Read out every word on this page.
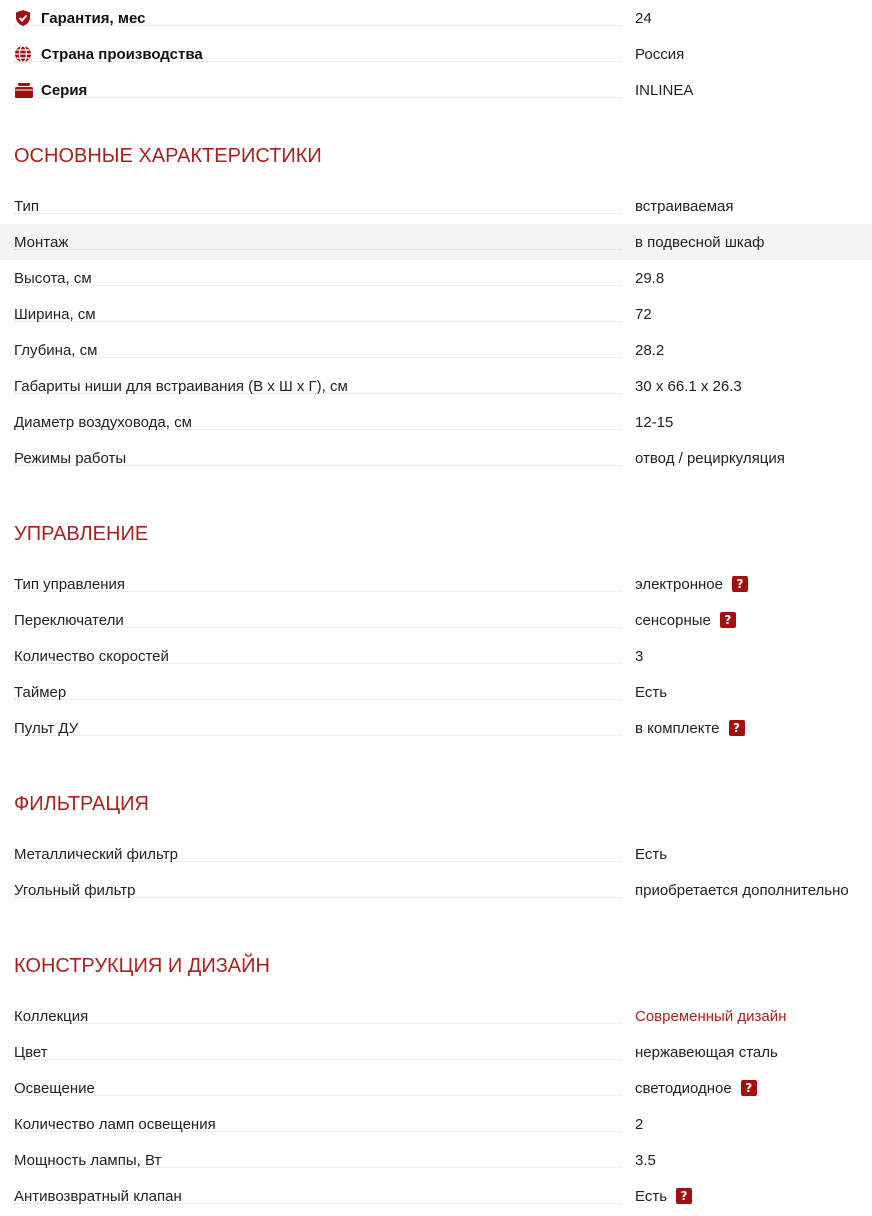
Гарантия, мес	24
Страна производства	Россия
Серия	INLINEA
ОСНОВНЫЕ ХАРАКТЕРИСТИКИ
Тип	встраиваемая
Монтаж	в подвесной шкаф
Высота, см	29.8
Ширина, см	72
Глубина, см	28.2
Габариты ниши для встраивания (В x Ш x Г), см	30 x 66.1 x 26.3
Диаметр воздуховода, см	12-15
Режимы работы	отвод / рециркуляция
УПРАВЛЕНИЕ
Тип управления	электронное	?
Переключатели	сенсорные	?
Количество скоростей	3
Таймер	Есть
Пульт ДУ	в комплекте	?
ФИЛЬТРАЦИЯ
Металлический фильтр	Есть
Угольный фильтр	приобретается дополнительно
КОНСТРУКЦИЯ И ДИЗАЙН
Коллекция	Современный дизайн
Цвет	нержавеющая сталь
Освещение	светодиодное	?
Количество ламп освещения	2
Мощность лампы, Вт	3.5
Антивозвратный клапан	Есть	?
